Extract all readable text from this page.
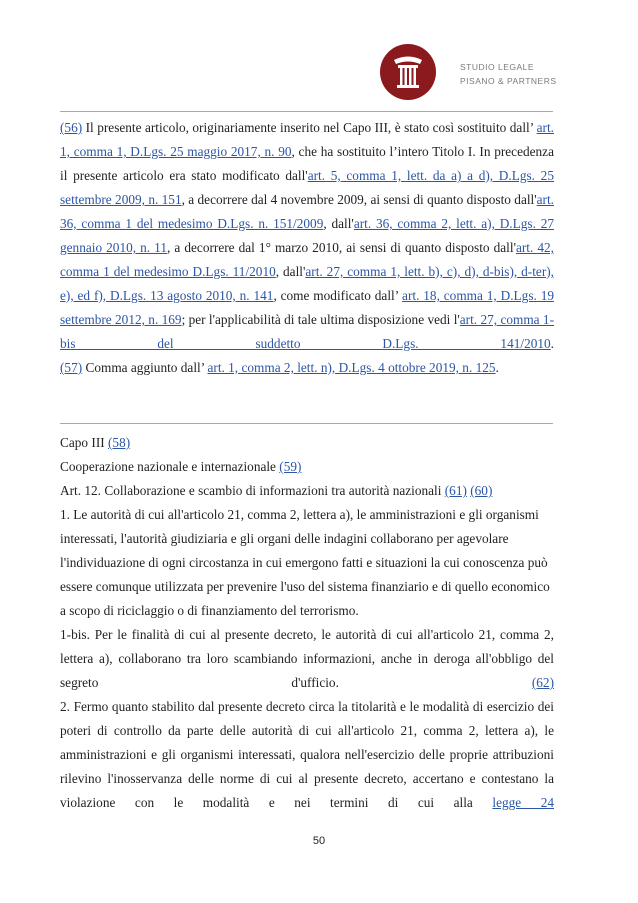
STUDIO LEGALE
PISANO & PARTNERS
(56) Il presente articolo, originariamente inserito nel Capo III, è stato così sostituito dall’ art. 1, comma 1, D.Lgs. 25 maggio 2017, n. 90, che ha sostituito l’intero Titolo I. In precedenza il presente articolo era stato modificato dall'art. 5, comma 1, lett. da a) a d), D.Lgs. 25 settembre 2009, n. 151, a decorrere dal 4 novembre 2009, ai sensi di quanto disposto dall'art. 36, comma 1 del medesimo D.Lgs. n. 151/2009, dall'art. 36, comma 2, lett. a), D.Lgs. 27 gennaio 2010, n. 11, a decorrere dal 1° marzo 2010, ai sensi di quanto disposto dall'art. 42, comma 1 del medesimo D.Lgs. 11/2010, dall'art. 27, comma 1, lett. b), c), d), d-bis), d-ter), e), ed f), D.Lgs. 13 agosto 2010, n. 141, come modificato dall’ art. 18, comma 1, D.Lgs. 19 settembre 2012, n. 169; per l'applicabilità di tale ultima disposizione vedi l'art. 27, comma 1-bis del suddetto D.Lgs. 141/2010.
(57) Comma aggiunto dall’ art. 1, comma 2, lett. n), D.Lgs. 4 ottobre 2019, n. 125.
Capo III (58)
Cooperazione nazionale e internazionale (59)
Art. 12. Collaborazione e scambio di informazioni tra autorità nazionali (61) (60)
1. Le autorità di cui all'articolo 21, comma 2, lettera a), le amministrazioni e gli organismi interessati, l'autorità giudiziaria e gli organi delle indagini collaborano per agevolare l'individuazione di ogni circostanza in cui emergono fatti e situazioni la cui conoscenza può essere comunque utilizzata per prevenire l'uso del sistema finanziario e di quello economico a scopo di riciclaggio o di finanziamento del terrorismo.
1-bis. Per le finalità di cui al presente decreto, le autorità di cui all'articolo 21, comma 2, lettera a), collaborano tra loro scambiando informazioni, anche in deroga all'obbligo del segreto d'ufficio. (62)
2. Fermo quanto stabilito dal presente decreto circa la titolarità e le modalità di esercizio dei poteri di controllo da parte delle autorità di cui all'articolo 21, comma 2, lettera a), le amministrazioni e gli organismi interessati, qualora nell'esercizio delle proprie attribuzioni rilevino l'inosservanza delle norme di cui al presente decreto, accertano e contestano la violazione con le modalità e nei termini di cui alla legge 24
50
